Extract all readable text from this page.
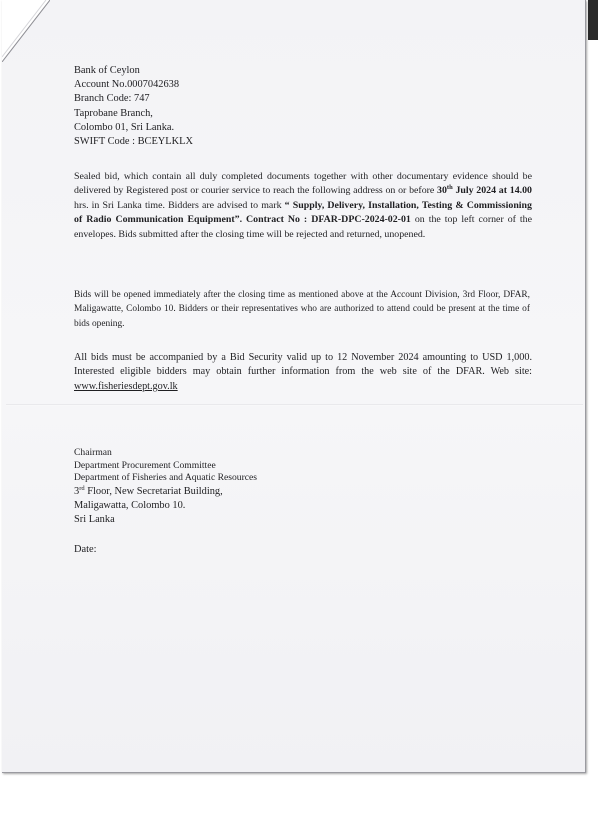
Bank of Ceylon
Account No.0007042638
Branch Code: 747
Taprobane Branch,
Colombo 01, Sri Lanka.
SWIFT Code : BCEYLKLX
Sealed bid, which contain all duly completed documents together with other documentary evidence should be delivered by Registered post or courier service to reach the following address on or before 30th July 2024 at 14.00 hrs. in Sri Lanka time. Bidders are advised to mark “ Supply, Delivery, Installation, Testing & Commissioning of Radio Communication Equipment”. Contract No : DFAR-DPC-2024-02-01 on the top left corner of the envelopes. Bids submitted after the closing time will be rejected and returned, unopened.
Bids will be opened immediately after the closing time as mentioned above at the Account Division, 3rd Floor, DFAR, Maligawatte, Colombo 10. Bidders or their representatives who are authorized to attend could be present at the time of bids opening.
All bids must be accompanied by a Bid Security valid up to 12 November 2024 amounting to USD 1,000. Interested eligible bidders may obtain further information from the web site of the DFAR. Web site: www.fisheriesdept.gov.lk
Chairman
Department Procurement Committee
Department of Fisheries and Aquatic Resources
3rd Floor, New Secretariat Building,
Maligawatta, Colombo 10.
Sri Lanka
Date:
